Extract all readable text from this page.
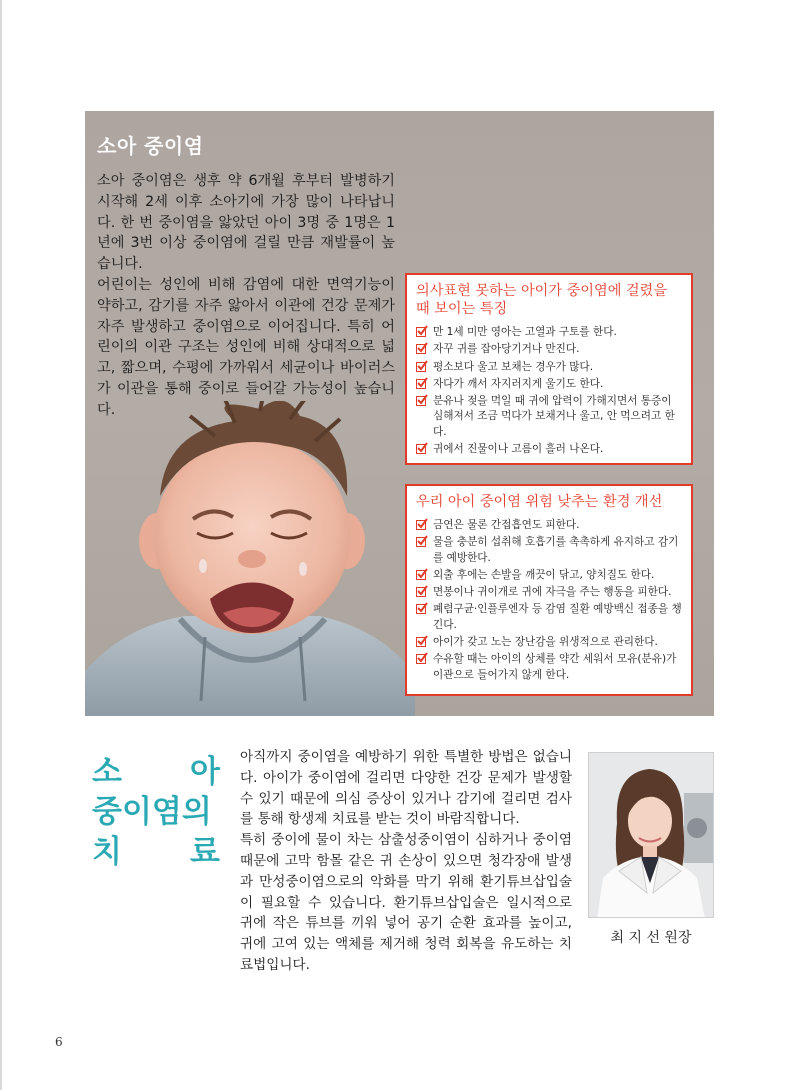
소아 중이염

소아 중이염은 생후 약 6개월 후부터 발병하기 시작해 2세 이후 소아기에 가장 많이 나타납니다. 한 번 중이염을 앓았던 아이 3명 중 1명은 1년에 3번 이상 중이염에 걸릴 만큼 재발률이 높습니다.

어린이는 성인에 비해 감염에 대한 면역기능이 약하고, 감기를 자주 앓아서 이관에 건강 문제가 자주 발생하고 중이염으로 이어집니다. 특히 어린이의 이관 구조는 성인에 비해 상대적으로 넓고, 짧으며, 수평에 가까워서 세균이나 바이러스가 이관을 통해 중이로 들어갈 가능성이 높습니다.

의사표현 못하는 아이가 중이염에 걸렸을 때 보이는 특징
만 1세 미만 영아는 고열과 구토를 한다.
자꾸 귀를 잡아당기거나 만진다.
평소보다 울고 보채는 경우가 많다.
자다가 깨서 자지러지게 울기도 한다.
분유나 젖을 먹일 때 귀에 압력이 가해지면서 통증이 심해져서 조금 먹다가 보채거나 울고, 안 먹으려고 한다.
귀에서 진물이나 고름이 흘러 나온다.
우리 아이 중이염 위험 낮추는 환경 개선
금연은 물론 간접흡연도 피한다.
물을 충분히 섭취해 호흡기를 촉촉하게 유지하고 감기를 예방한다.
외출 후에는 손발을 깨끗이 닦고, 양치질도 한다.
면봉이나 귀이개로 귀에 자극을 주는 행동을 피한다.
폐렴구균·인플루엔자 등 감염 질환 예방백신 접종을 챙긴다.
아이가 갖고 노는 장난감을 위생적으로 관리한다.
수유할 때는 아이의 상체를 약간 세워서 모유(분유)가 이관으로 들어가지 않게 한다.
소 아
중이염의
치 료

아직까지 중이염을 예방하기 위한 특별한 방법은 없습니다. 아이가 중이염에 걸리면 다양한 건강 문제가 발생할 수 있기 때문에 의심 증상이 있거나 감기에 걸리면 검사를 통해 항생제 치료를 받는 것이 바람직합니다.

특히 중이에 물이 차는 삼출성중이염이 심하거나 중이염 때문에 고막 함몰 같은 귀 손상이 있으면 청각장애 발생과 만성중이염으로의 악화를 막기 위해 환기튜브삽입술이 필요할 수 있습니다. 환기튜브삽입술은 일시적으로 귀에 작은 튜브를 끼워 넣어 공기 순환 효과를 높이고, 귀에 고여 있는 액체를 제거해 청력 회복을 유도하는 치료법입니다.

최 지 선 원장
6
